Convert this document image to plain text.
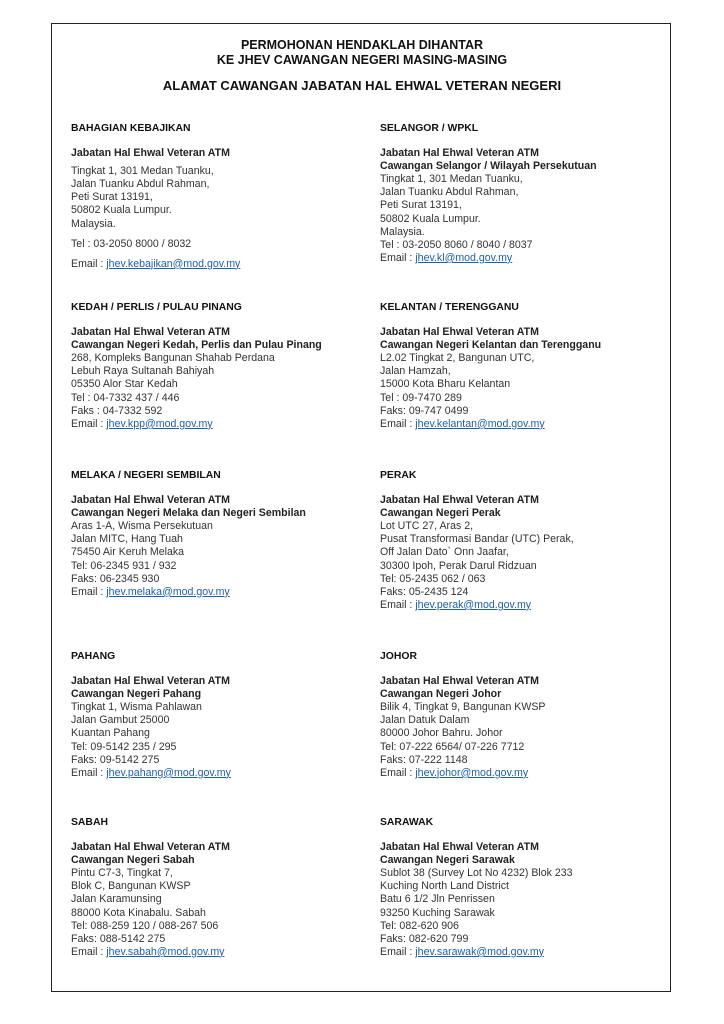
PERMOHONAN HENDAKLAH DIHANTAR
KE JHEV CAWANGAN NEGERI MASING-MASING
ALAMAT CAWANGAN JABATAN HAL EHWAL VETERAN NEGERI
BAHAGIAN KEBAJIKAN
Jabatan Hal Ehwal Veteran ATM
Tingkat 1, 301 Medan Tuanku,
Jalan Tuanku Abdul Rahman,
Peti Surat 13191,
50802 Kuala Lumpur.
Malaysia.
Tel : 03-2050 8000 / 8032
Email : jhev.kebajikan@mod.gov.my
SELANGOR / WPKL
Jabatan Hal Ehwal Veteran ATM
Cawangan Selangor / Wilayah Persekutuan
Tingkat 1, 301 Medan Tuanku,
Jalan Tuanku Abdul Rahman,
Peti Surat 13191,
50802 Kuala Lumpur.
Malaysia.
Tel : 03-2050 8060 / 8040 / 8037
Email : jhev.kl@mod.gov.my
KEDAH / PERLIS / PULAU PINANG
Jabatan Hal Ehwal Veteran ATM
Cawangan Negeri Kedah, Perlis dan Pulau Pinang
268, Kompleks Bangunan Shahab Perdana
Lebuh Raya Sultanah Bahiyah
05350 Alor Star Kedah
Tel : 04-7332 437 / 446
Faks : 04-7332 592
Email : jhev.kpp@mod.gov.my
KELANTAN / TERENGGANU
Jabatan Hal Ehwal Veteran ATM
Cawangan Negeri Kelantan dan Terengganu
L2.02 Tingkat 2, Bangunan UTC,
Jalan Hamzah,
15000 Kota Bharu Kelantan
Tel : 09-7470 289
Faks: 09-747 0499
Email : jhev.kelantan@mod.gov.my
MELAKA / NEGERI SEMBILAN
Jabatan Hal Ehwal Veteran ATM
Cawangan Negeri Melaka dan Negeri Sembilan
Aras 1-A, Wisma Persekutuan
Jalan MITC, Hang Tuah
75450 Air Keruh Melaka
Tel: 06-2345 931 / 932
Faks: 06-2345 930
Email : jhev.melaka@mod.gov.my
PERAK
Jabatan Hal Ehwal Veteran ATM
Cawangan Negeri Perak
Lot UTC 27, Aras 2,
Pusat Transformasi Bandar (UTC) Perak,
Off Jalan Dato` Onn Jaafar,
30300 Ipoh, Perak Darul Ridzuan
Tel: 05-2435 062 / 063
Faks: 05-2435 124
Email : jhev.perak@mod.gov.my
PAHANG
Jabatan Hal Ehwal Veteran ATM
Cawangan Negeri Pahang
Tingkat 1, Wisma Pahlawan
Jalan Gambut 25000
Kuantan Pahang
Tel: 09-5142 235 / 295
Faks: 09-5142 275
Email : jhev.pahang@mod.gov.my
JOHOR
Jabatan Hal Ehwal Veteran ATM
Cawangan Negeri Johor
Bilik 4, Tingkat 9, Bangunan KWSP
Jalan Datuk Dalam
80000 Johor Bahru. Johor
Tel: 07-222 6564/ 07-226 7712
Faks: 07-222 1148
Email : jhev.johor@mod.gov.my
SABAH
Jabatan Hal Ehwal Veteran ATM
Cawangan Negeri Sabah
Pintu C7-3, Tingkat 7,
Blok C, Bangunan KWSP
Jalan Karamunsing
88000 Kota Kinabalu. Sabah
Tel: 088-259 120 / 088-267 506
Faks: 088-5142 275
Email : jhev.sabah@mod.gov.my
SARAWAK
Jabatan Hal Ehwal Veteran ATM
Cawangan Negeri Sarawak
Sublot 38 (Survey Lot No 4232) Blok 233
Kuching North Land District
Batu 6 1/2 Jln Penrissen
93250 Kuching Sarawak
Tel: 082-620 906
Faks: 082-620 799
Email : jhev.sarawak@mod.gov.my
